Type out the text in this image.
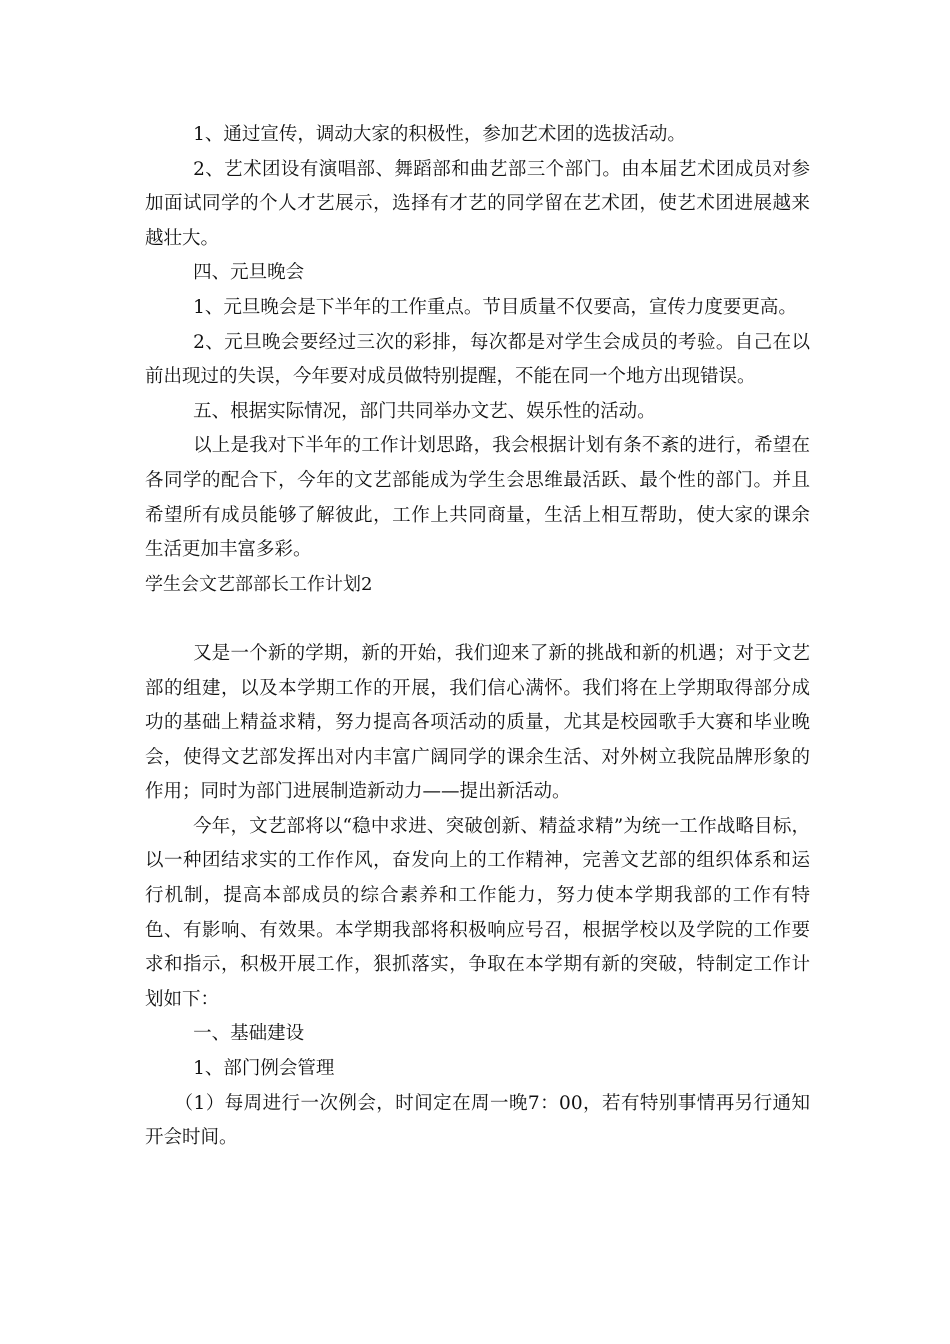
1、通过宣传，调动大家的积极性，参加艺术团的选拔活动。

2、艺术团设有演唱部、舞蹈部和曲艺部三个部门。由本届艺术团成员对参加面试同学的个人才艺展示，选择有才艺的同学留在艺术团，使艺术团进展越来越壮大。

四、元旦晚会

1、元旦晚会是下半年的工作重点。节目质量不仅要高，宣传力度要更高。

2、元旦晚会要经过三次的彩排，每次都是对学生会成员的考验。自己在以前出现过的失误，今年要对成员做特别提醒，不能在同一个地方出现错误。

五、根据实际情况，部门共同举办文艺、娱乐性的活动。

以上是我对下半年的工作计划思路，我会根据计划有条不紊的进行，希望在各同学的配合下，今年的文艺部能成为学生会思维最活跃、最个性的部门。并且希望所有成员能够了解彼此，工作上共同商量，生活上相互帮助，使大家的课余生活更加丰富多彩。

学生会文艺部部长工作计划2

又是一个新的学期，新的开始，我们迎来了新的挑战和新的机遇；对于文艺部的组建，以及本学期工作的开展，我们信心满怀。我们将在上学期取得部分成功的基础上精益求精，努力提高各项活动的质量，尤其是校园歌手大赛和毕业晚会，使得文艺部发挥出对内丰富广阔同学的课余生活、对外树立我院品牌形象的作用；同时为部门进展制造新动力——提出新活动。

今年，文艺部将以“稳中求进、突破创新、精益求精”为统一工作战略目标，以一种团结求实的工作作风，奋发向上的工作精神，完善文艺部的组织体系和运行机制，提高本部成员的综合素养和工作能力，努力使本学期我部的工作有特色、有影响、有效果。本学期我部将积极响应号召，根据学校以及学院的工作要求和指示，积极开展工作，狠抓落实，争取在本学期有新的突破，特制定工作计划如下：

一、基础建设

1、部门例会管理

（1）每周进行一次例会，时间定在周一晚7：00，若有特别事情再另行通知开会时间。
